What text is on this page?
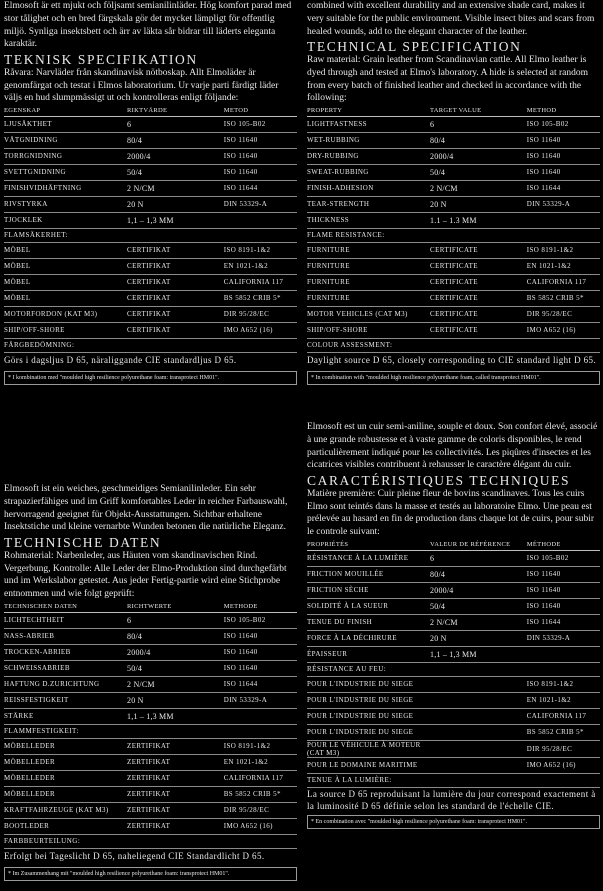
Elmosoft är ett mjukt och följsamt semianilinläder. Hög komfort parad med stor tålighet och en bred färgskala gör det mycket lämpligt för offentlig miljö. Synliga insektsbett och ärr av läkta sår bidrar till läderts eleganta karaktär.

TEKNISK SPECIFIKATION

Råvara: Narvläder från skandinavisk nötboskap. Allt Elmoläder är genomfärgat och testat i Elmos laboratorium. Ur varje parti färdigt läder väljs en hud slumpmässigt ut och kontrolleras enligt följande:

EGENSKAP	RIKTVÄRDE	METOD
LJUSÄKTHET	6	ISO 105-B02
VÅTGNIDNING	80/4	ISO 11640
TORRGNIDNING	2000/4	ISO 11640
SVETTGNIDNING	50/4	ISO 11640
FINISHVIDHÄFTNING	2 N/CM	ISO 11644
RIVSTYRKA	20 N	DIN 53329-A
TJOCKLEK	1,1 – 1,3 MM	
FLAMSÄKERHET:		
MÖBEL	CERTIFIKAT	ISO 8191-1&2
MÖBEL	CERTIFIKAT	EN 1021-1&2
MÖBEL	CERTIFIKAT	CALIFORNIA 117
MÖBEL	CERTIFIKAT	BS 5852 CRIB 5*
MOTORFORDON (KAT M3)	CERTIFIKAT	DIR 95/28/EC
SHIP/OFF-SHORE	CERTIFIKAT	IMO A652 (16)
FÄRGBEDÖMNING:		

Görs i dagsljus D 65, näraliggande CIE standardljus D 65.		

* I kombination med "moulded high resilience polyurethane foam: transprotect HM01".

Elmosoft ist ein weiches, geschmeidiges Semianilinleder. Ein sehr strapazierfähiges und im Griff komfortables Leder in reicher Farbauswahl, hervorragend geeignet für Objekt-Ausstattungen. Sichtbar erhaltene Insektstiche und kleine vernarbte Wunden betonen die natürliche Eleganz.

TECHNISCHE DATEN

Rohmaterial: Narbenleder, aus Häuten vom skandinavischen Rind. Vergerbung, Kontrolle: Alle Leder der Elmo-Produktion sind durchgefärbt und im Werkslabor getestet. Aus jeder Fertig-partie wird eine Stichprobe entnommen und wie folgt geprüft:

TECHNISCHEN DATEN	RICHTWERTE	METHODE
LICHTECHTHEIT	6	ISO 105-B02
NASS-ABRIEB	80/4	ISO 11640
TROCKEN-ABRIEB	2000/4	ISO 11640
SCHWEISSABRIEB	50/4	ISO 11640
HAFTUNG D.ZURICHTUNG	2 N/CM	ISO 11644
REISSFESTIGKEIT	20 N	DIN 53329-A
STÄRKE	1,1 – 1,3 MM	
FLAMMFESTIGKEIT:		
MÖBELLEDER	ZERTIFIKAT	ISO 8191-1&2
MÖBELLEDER	ZERTIFIKAT	EN 1021-1&2
MÖBELLEDER	ZERTIFIKAT	CALIFORNIA 117
MÖBELLEDER	ZERTIFIKAT	BS 5852 CRIB 5*
KRAFTFAHRZEUGE (KAT M3)	ZERTIFIKAT	DIR 95/28/EC
BOOTLEDER	ZERTIFIKAT	IMO A652 (16)
FARBBEURTEILUNG:		

Erfolgt bei Tageslicht D 65, naheliegend CIE Standardlicht D 65.		

* Im Zusammenhang mit "moulded high resilience polyurethane foam: transprotect HM01".

combined with excellent durability and an extensive shade card, makes it very suitable for the public environment. Visible insect bites and scars from healed wounds, add to the elegant character of the leather.

TECHNICAL SPECIFICATION

Raw material: Grain leather from Scandinavian cattle. All Elmo leather is dyed through and tested at Elmo's laboratory. A hide is selected at random from every batch of finished leather and checked in accordance with the following:

PROPERTY	TARGET VALUE	METHOD
LIGHTFASTNESS	6	ISO 105-B02
WET-RUBBING	80/4	ISO 11640
DRY-RUBBING	2000/4	ISO 11640
SWEAT-RUBBING	50/4	ISO 11640
FINISH-ADHESION	2 N/CM	ISO 11644
TEAR-STRENGTH	20 N	DIN 53329-A
THICKNESS	1.1 – 1.3 MM	
FLAME RESISTANCE:		
FURNITURE	CERTIFICATE	ISO 8191-1&2
FURNITURE	CERTIFICATE	EN 1021-1&2
FURNITURE	CERTIFICATE	CALIFORNIA 117
FURNITURE	CERTIFICATE	BS 5852 CRIB 5*
MOTOR VEHICLES (CAT M3)	CERTIFICATE	DIR 95/28/EC
SHIP/OFF-SHORE	CERTIFICATE	IMO A652 (16)
COLOUR ASSESSMENT:		

Daylight source D 65, closely corresponding to CIE standard light D 65.		

* In combination with "moulded high resilience polyurethane foam, called transprotect HM01".

Elmosoft est un cuir semi-aniline, souple et doux. Son confort élevé, associé à une grande robustesse et à vaste gamme de coloris disponibles, le rend particulièrement indiqué pour les collectivités. Les piqûres d'insectes et les cicatrices visibles contribuent à rehausser le caractère élégant du cuir.

CARACTÉRISTIQUES TECHNIQUES

Matière première: Cuir pleine fleur de bovins scandinaves. Tous les cuirs Elmo sont teintés dans la masse et testés au laboratoire Elmo. Une peau est prélevée au hasard en fin de production dans chaque lot de cuirs, pour subir le controle suivant:

PROPRIÉTÉS	VALEUR DE RÉFÉRENCE	MÉTHODE
RÉSISTANCE À LA LUMIÈRE	6	ISO 105-B02
FRICTION MOUILLÉE	80/4	ISO 11640
FRICTION SÈCHE	2000/4	ISO 11640
SOLIDITÉ À LA SUEUR	50/4	ISO 11640
TENUE DU FINISH	2 N/CM	ISO 11644
FORCE À LA DÉCHIRURE	20 N	DIN 53329-A
ÉPAISSEUR	1,1 – 1,3 MM	
RÉSISTANCE AU FEU:		
POUR L'INDUSTRIE DU SIEGE		ISO 8191-1&2
POUR L'INDUSTRIE DU SIEGE		EN 1021-1&2
POUR L'INDUSTRIE DU SIEGE		CALIFORNIA 117
POUR L'INDUSTRIE DU SIEGE		BS 5852 CRIB 5*
POUR LE VÉHICULE À MOTEUR (CAT M3)		DIR 95/28/EC
POUR LE DOMAINE MARITIME		IMO A652 (16)
TENUE À LA LUMIÈRE:		

La source D 65 reproduisant la lumière du jour correspond exactement à la luminosité D 65 définie selon les standard de l'échelle CIE.		

* En combination avec "moulded high resilience polyurethane foam: transprotect HM01".
